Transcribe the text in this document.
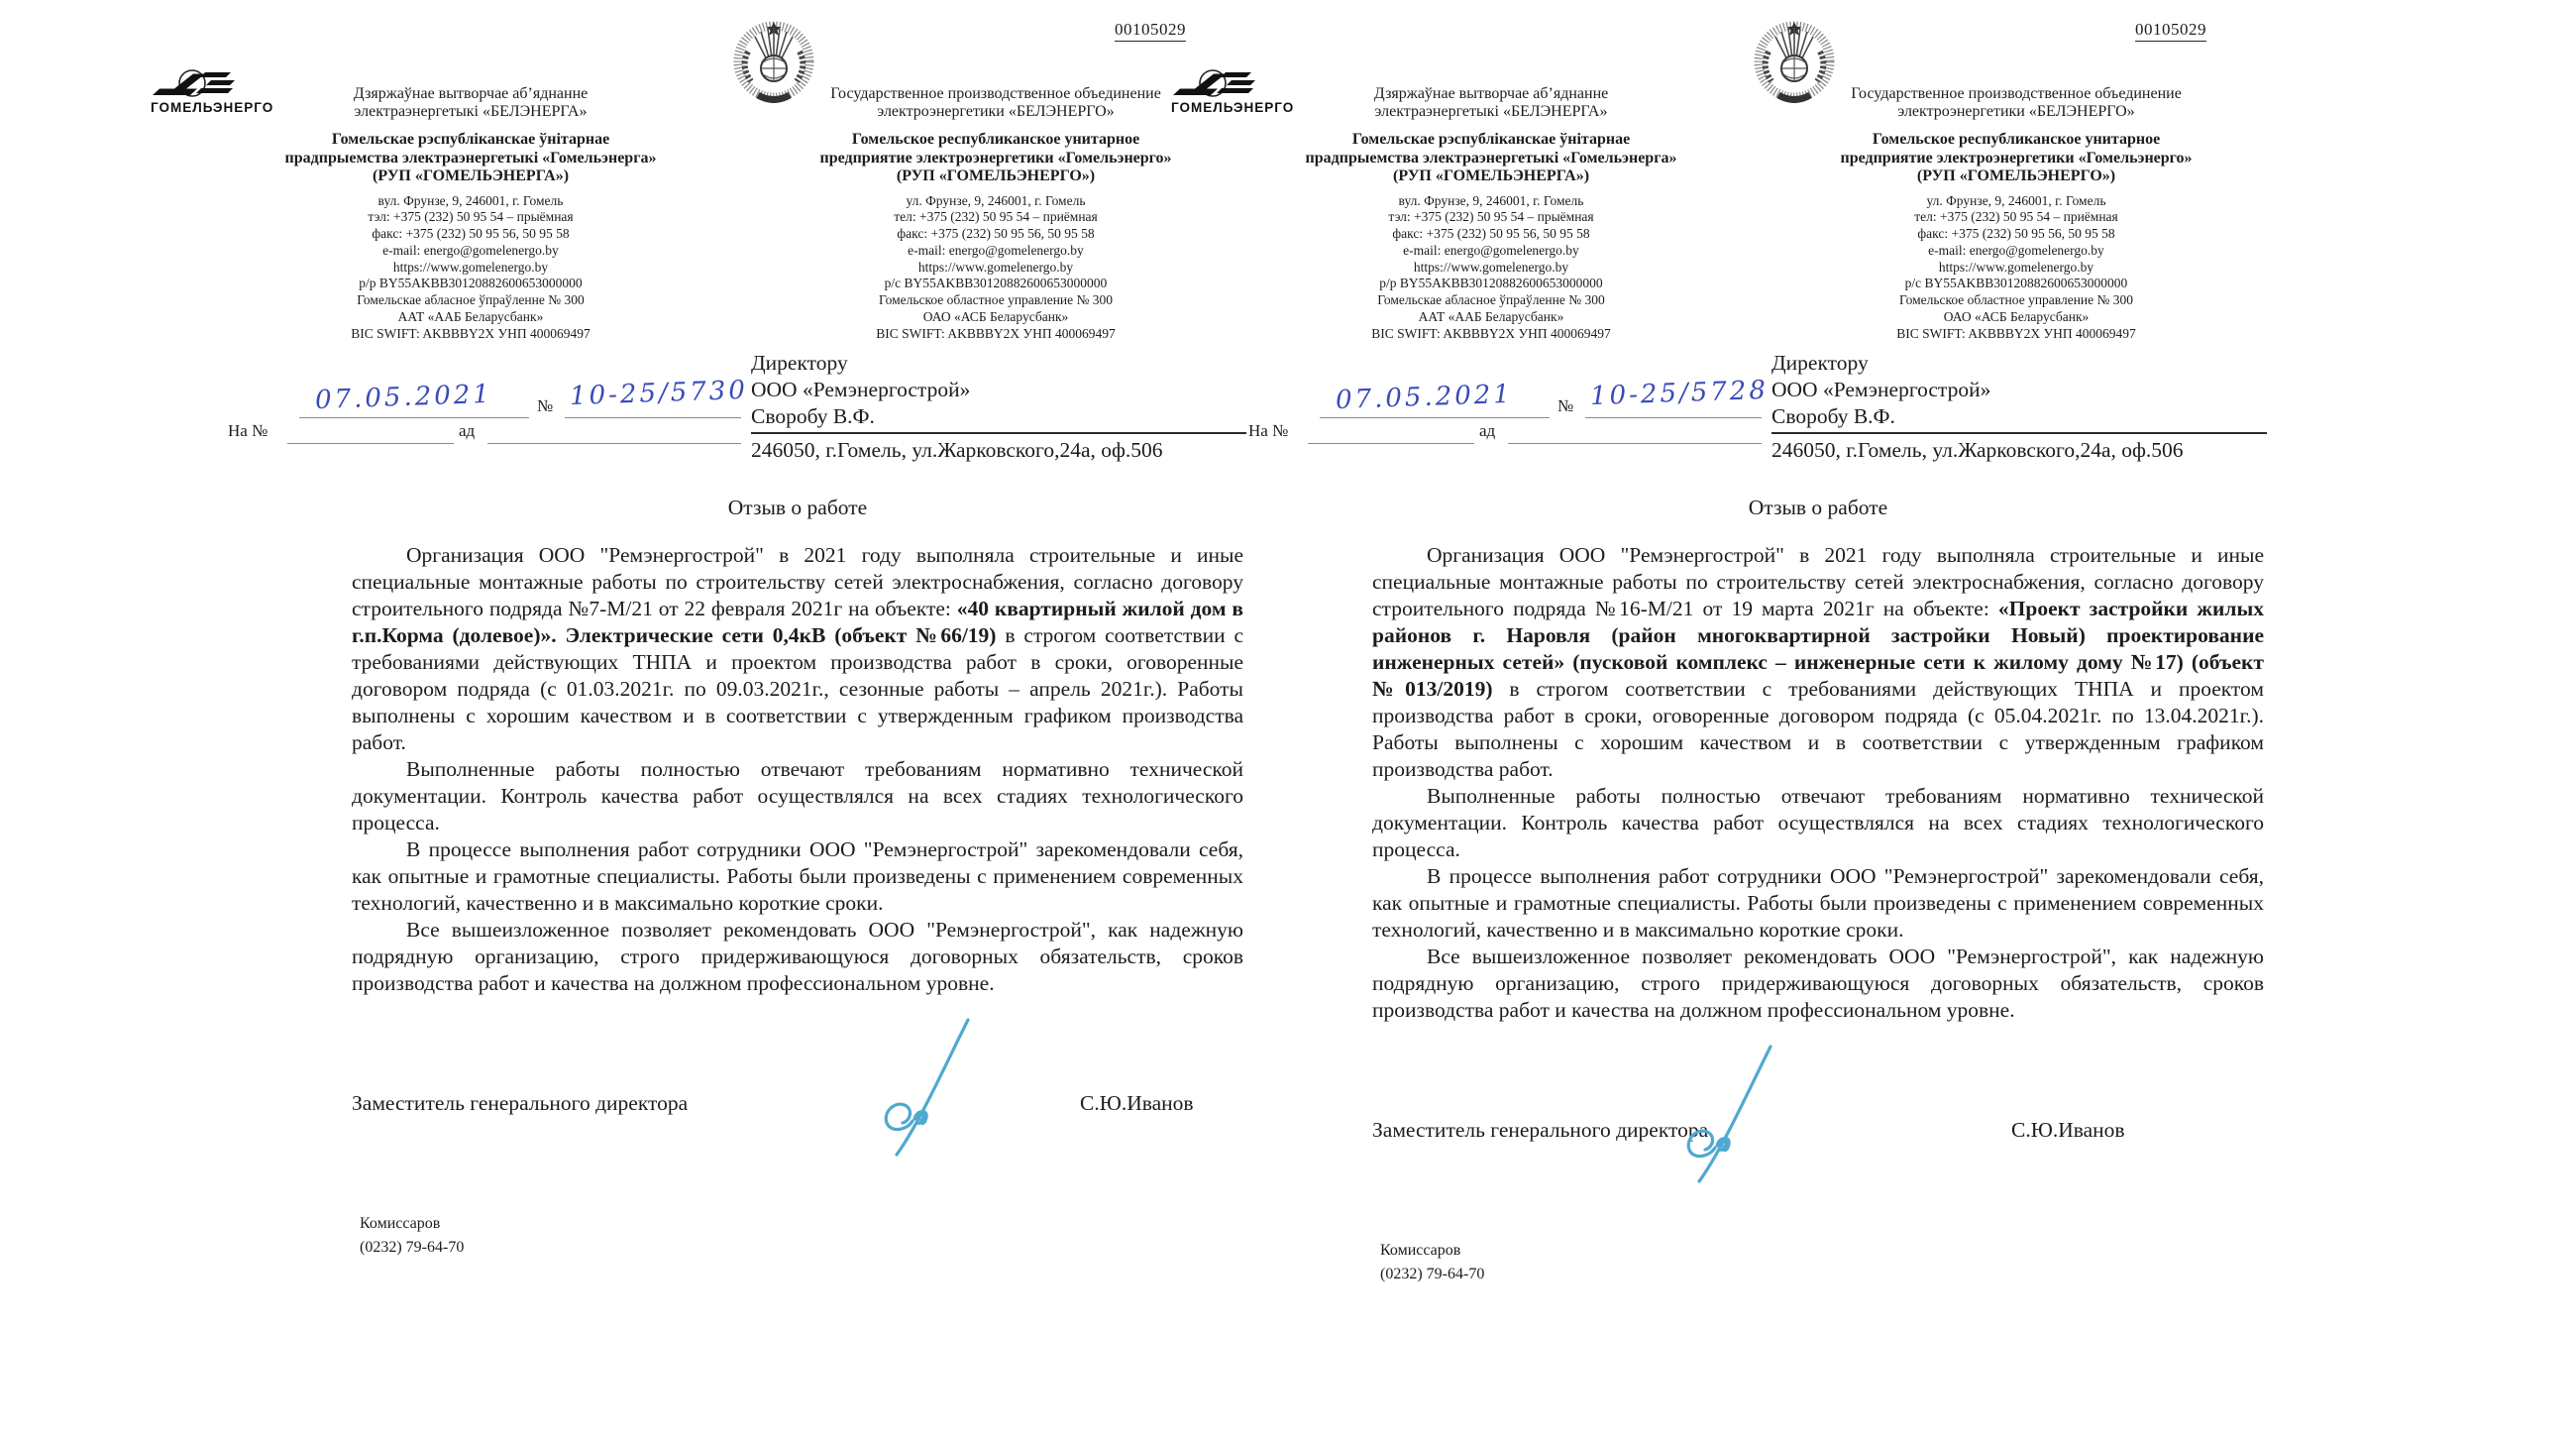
00105029
ГОМЕЛЬЭНЕРГО
Дзяржаўнае вытворчае аб’яднанне
электраэнергетыкі «БЕЛЭНЕРГА»
Гомельскае рэспубліканскае ўнітарнае
прадпрыемства электраэнергетыкі «Гомельэнерга»
(РУП «ГОМЕЛЬЭНЕРГА»)
вул. Фрунзе, 9, 246001, г. Гомель
тэл: +375 (232) 50 95 54 – прыёмная
факс: +375 (232) 50 95 56, 50 95 58
e-mail: energo@gomelenergo.by
https://www.gomelenergo.by
р/р BY55AKBB30120882600653000000
Гомельскае абласное ўпраўленне № 300
ААТ «ААБ Беларусбанк»
BIC SWIFT: AKBBBY2X УНП 400069497
Государственное производственное объединение
электроэнергетики «БЕЛЭНЕРГО»
Гомельское республиканское унитарное
предприятие электроэнергетики «Гомельэнерго»
(РУП «ГОМЕЛЬЭНЕРГО»)
ул. Фрунзе, 9, 246001, г. Гомель
тел: +375 (232) 50 95 54 – приёмная
факс: +375 (232) 50 95 56, 50 95 58
e-mail: energo@gomelenergo.by
https://www.gomelenergo.by
р/с BY55AKBB30120882600653000000
Гомельское областное управление № 300
ОАО «АСБ Беларусбанк»
BIC SWIFT: AKBBBY2X УНП 400069497
07.05.2021	№ 10-25/5730
На №	ад
Директору
ООО «Ремэнергострой»
Своробу В.Ф.
246050, г.Гомель, ул.Жарковского,24а, оф.506
Отзыв о работе

Организация ООО "Ремэнергострой" в 2021 году выполняла строительные и иные специальные монтажные работы по строительству сетей электроснабжения, согласно договору строительного подряда №7-М/21 от 22 февраля 2021г на объекте: «40 квартирный жилой дом в г.п.Корма (долевое)». Электрические сети 0,4кВ (объект №66/19) в строгом соответствии с требованиями действующих ТНПА и проектом производства работ в сроки, оговоренные договором подряда (с 01.03.2021г. по 09.03.2021г., сезонные работы – апрель 2021г.). Работы выполнены с хорошим качеством и в соответствии с утвержденным графиком производства работ.

Выполненные работы полностью отвечают требованиям нормативно технической документации. Контроль качества работ осуществлялся на всех стадиях технологического процесса.

В процессе выполнения работ сотрудники ООО "Ремэнергострой" зарекомендовали себя, как опытные и грамотные специалисты. Работы были произведены с применением современных технологий, качественно и в максимально короткие сроки.

Все вышеизложенное позволяет рекомендовать ООО "Ремэнергострой", как надежную подрядную организацию, строго придерживающуюся договорных обязательств, сроков производства работ и качества на должном профессиональном уровне.

Заместитель генерального директора	С.Ю.Иванов
Комиссаров
(0232) 79-64-70
00105029
ГОМЕЛЬЭНЕРГО
Дзяржаўнае вытворчае аб’яднанне
электраэнергетыкі «БЕЛЭНЕРГА»
Гомельскае рэспубліканскае ўнітарнае
прадпрыемства электраэнергетыкі «Гомельэнерга»
(РУП «ГОМЕЛЬЭНЕРГА»)
вул. Фрунзе, 9, 246001, г. Гомель
тэл: +375 (232) 50 95 54 – прыёмная
факс: +375 (232) 50 95 56, 50 95 58
e-mail: energo@gomelenergo.by
https://www.gomelenergo.by
р/р BY55AKBB30120882600653000000
Гомельскае абласное ўпраўленне № 300
ААТ «ААБ Беларусбанк»
BIC SWIFT: AKBBBY2X УНП 400069497
Государственное производственное объединение
электроэнергетики «БЕЛЭНЕРГО»
Гомельское республиканское унитарное
предприятие электроэнергетики «Гомельэнерго»
(РУП «ГОМЕЛЬЭНЕРГО»)
ул. Фрунзе, 9, 246001, г. Гомель
тел: +375 (232) 50 95 54 – приёмная
факс: +375 (232) 50 95 56, 50 95 58
e-mail: energo@gomelenergo.by
https://www.gomelenergo.by
р/с BY55AKBB30120882600653000000
Гомельское областное управление № 300
ОАО «АСБ Беларусбанк»
BIC SWIFT: AKBBBY2X УНП 400069497
07.05.2021	№ 10-25/5728
На №	ад
Директору
ООО «Ремэнергострой»
Своробу В.Ф.
246050, г.Гомель, ул.Жарковского,24а, оф.506
Отзыв о работе

Организация ООО "Ремэнергострой" в 2021 году выполняла строительные и иные специальные монтажные работы по строительству сетей электроснабжения, согласно договору строительного подряда №16-М/21 от 19 марта 2021г на объекте: «Проект застройки жилых районов г. Наровля (район многоквартирной застройки Новый) проектирование инженерных сетей» (пусковой комплекс – инженерные сети к жилому дому №17) (объект №013/2019) в строгом соответствии с требованиями действующих ТНПА и проектом производства работ в сроки, оговоренные договором подряда (с 05.04.2021г. по 13.04.2021г.). Работы выполнены с хорошим качеством и в соответствии с утвержденным графиком производства работ.

Выполненные работы полностью отвечают требованиям нормативно технической документации. Контроль качества работ осуществлялся на всех стадиях технологического процесса.

В процессе выполнения работ сотрудники ООО "Ремэнергострой" зарекомендовали себя, как опытные и грамотные специалисты. Работы были произведены с применением современных технологий, качественно и в максимально короткие сроки.

Все вышеизложенное позволяет рекомендовать ООО "Ремэнергострой", как надежную подрядную организацию, строго придерживающуюся договорных обязательств, сроков производства работ и качества на должном профессиональном уровне.

Заместитель генерального директора	С.Ю.Иванов
Комиссаров
(0232) 79-64-70
